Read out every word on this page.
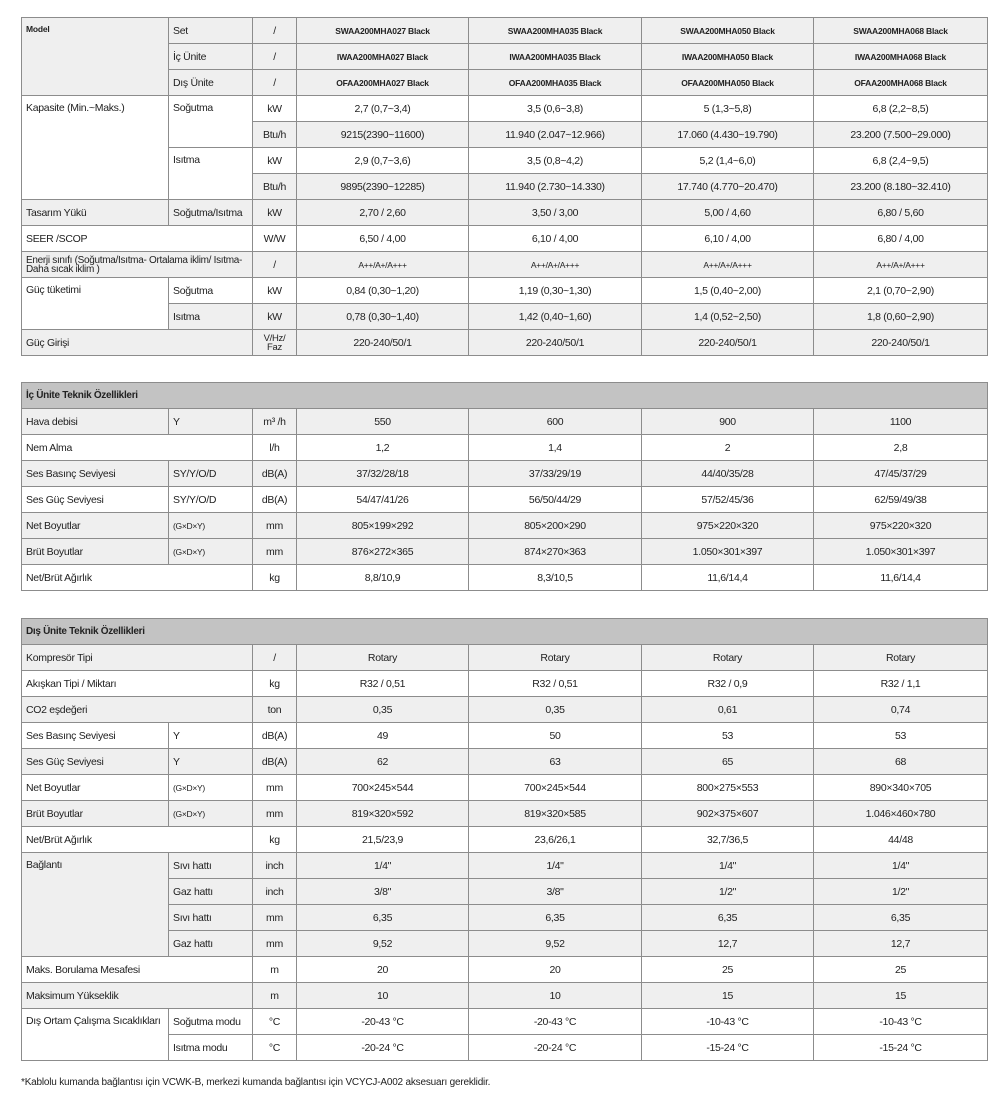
Model	Set	/	SWAA200MHA027 Black	SWAA200MHA035 Black	SWAA200MHA050 Black	SWAA200MHA068 Black
	İç Ünite	/	IWAA200MHA027 Black	IWAA200MHA035 Black	IWAA200MHA050 Black	IWAA200MHA068 Black
	Dış Ünite	/	OFAA200MHA027 Black	OFAA200MHA035 Black	OFAA200MHA050 Black	OFAA200MHA068 Black
Kapasite (Min.~Maks.)	Soğutma	kW	2,7 (0,7~3,4)	3,5 (0,6~3,8)	5 (1,3~5,8)	6,8 (2,2~8,5)
		Btu/h	9215(2390~11600)	11.940 (2.047~12.966)	17.060 (4.430~19.790)	23.200 (7.500~29.000)
	Isıtma	kW	2,9 (0,7~3,6)	3,5 (0,8~4,2)	5,2 (1,4~6,0)	6,8 (2,4~9,5)
		Btu/h	9895(2390~12285)	11.940 (2.730~14.330)	17.740 (4.770~20.470)	23.200 (8.180~32.410)
Tasarım Yükü	Soğutma/Isıtma	kW	2,70 / 2,60	3,50 / 3,00	5,00 / 4,60	6,80 / 5,60
SEER /SCOP		W/W	6,50 / 4,00	6,10 / 4,00	6,10 / 4,00	6,80 / 4,00
Enerji sınıfı (Soğutma/Isıtma- Ortalama iklim/ Isıtma-Daha sıcak iklim )		/	A++/A+/A+++	A++/A+/A+++	A++/A+/A+++	A++/A+/A+++
Güç tüketimi	Soğutma	kW	0,84 (0,30~1,20)	1,19 (0,30~1,30)	1,5 (0,40~2,00)	2,1 (0,70~2,90)
	Isıtma	kW	0,78 (0,30~1,40)	1,42 (0,40~1,60)	1,4 (0,52~2,50)	1,8 (0,60~2,90)
Güç Girişi		V/Hz/ Faz	220-240/50/1	220-240/50/1	220-240/50/1	220-240/50/1
İç Ünite Teknik Özellikleri						
Hava debisi	Y	m³ /h	550	600	900	1100
Nem Alma		l/h	1,2	1,4	2	2,8
Ses Basınç Seviyesi	SY/Y/O/D	dB(A)	37/32/28/18	37/33/29/19	44/40/35/28	47/45/37/29
Ses Güç Seviyesi	SY/Y/O/D	dB(A)	54/47/41/26	56/50/44/29	57/52/45/36	62/59/49/38
Net Boyutlar	(G×D×Y)	mm	805×199×292	805×200×290	975×220×320	975×220×320
Brüt Boyutlar	(G×D×Y)	mm	876×272×365	874×270×363	1.050×301×397	1.050×301×397
Net/Brüt Ağırlık		kg	8,8/10,9	8,3/10,5	11,6/14,4	11,6/14,4
Dış Ünite Teknik Özellikleri						
Kompresör Tipi		/	Rotary	Rotary	Rotary	Rotary
Akışkan Tipi / Miktarı		kg	R32 / 0,51	R32 / 0,51	R32 / 0,9	R32 / 1,1
CO2 eşdeğeri		ton	0,35	0,35	0,61	0,74
Ses Basınç Seviyesi	Y	dB(A)	49	50	53	53
Ses Güç Seviyesi	Y	dB(A)	62	63	65	68
Net Boyutlar	(G×D×Y)	mm	700×245×544	700×245×544	800×275×553	890×340×705
Brüt Boyutlar	(G×D×Y)	mm	819×320×592	819×320×585	902×375×607	1.046×460×780
Net/Brüt Ağırlık		kg	21,5/23,9	23,6/26,1	32,7/36,5	44/48
Bağlantı	Sıvı hattı	inch	1/4"	1/4"	1/4"	1/4"
	Gaz hattı	inch	3/8"	3/8"	1/2"	1/2"
	Sıvı hattı	mm	6,35	6,35	6,35	6,35
	Gaz hattı	mm	9,52	9,52	12,7	12,7
Maks. Borulama Mesafesi		m	20	20	25	25
Maksimum Yükseklik		m	10	10	15	15
Dış Ortam Çalışma Sıcaklıkları	Soğutma modu	°C	-20-43 °C	-20-43 °C	-10-43 °C	-10-43 °C
	Isıtma modu	°C	-20-24 °C	-20-24 °C	-15-24 °C	-15-24 °C
*Kablolu kumanda bağlantısı için VCWK-B, merkezi kumanda bağlantısı için VCYCJ-A002 aksesuarı gereklidir.
